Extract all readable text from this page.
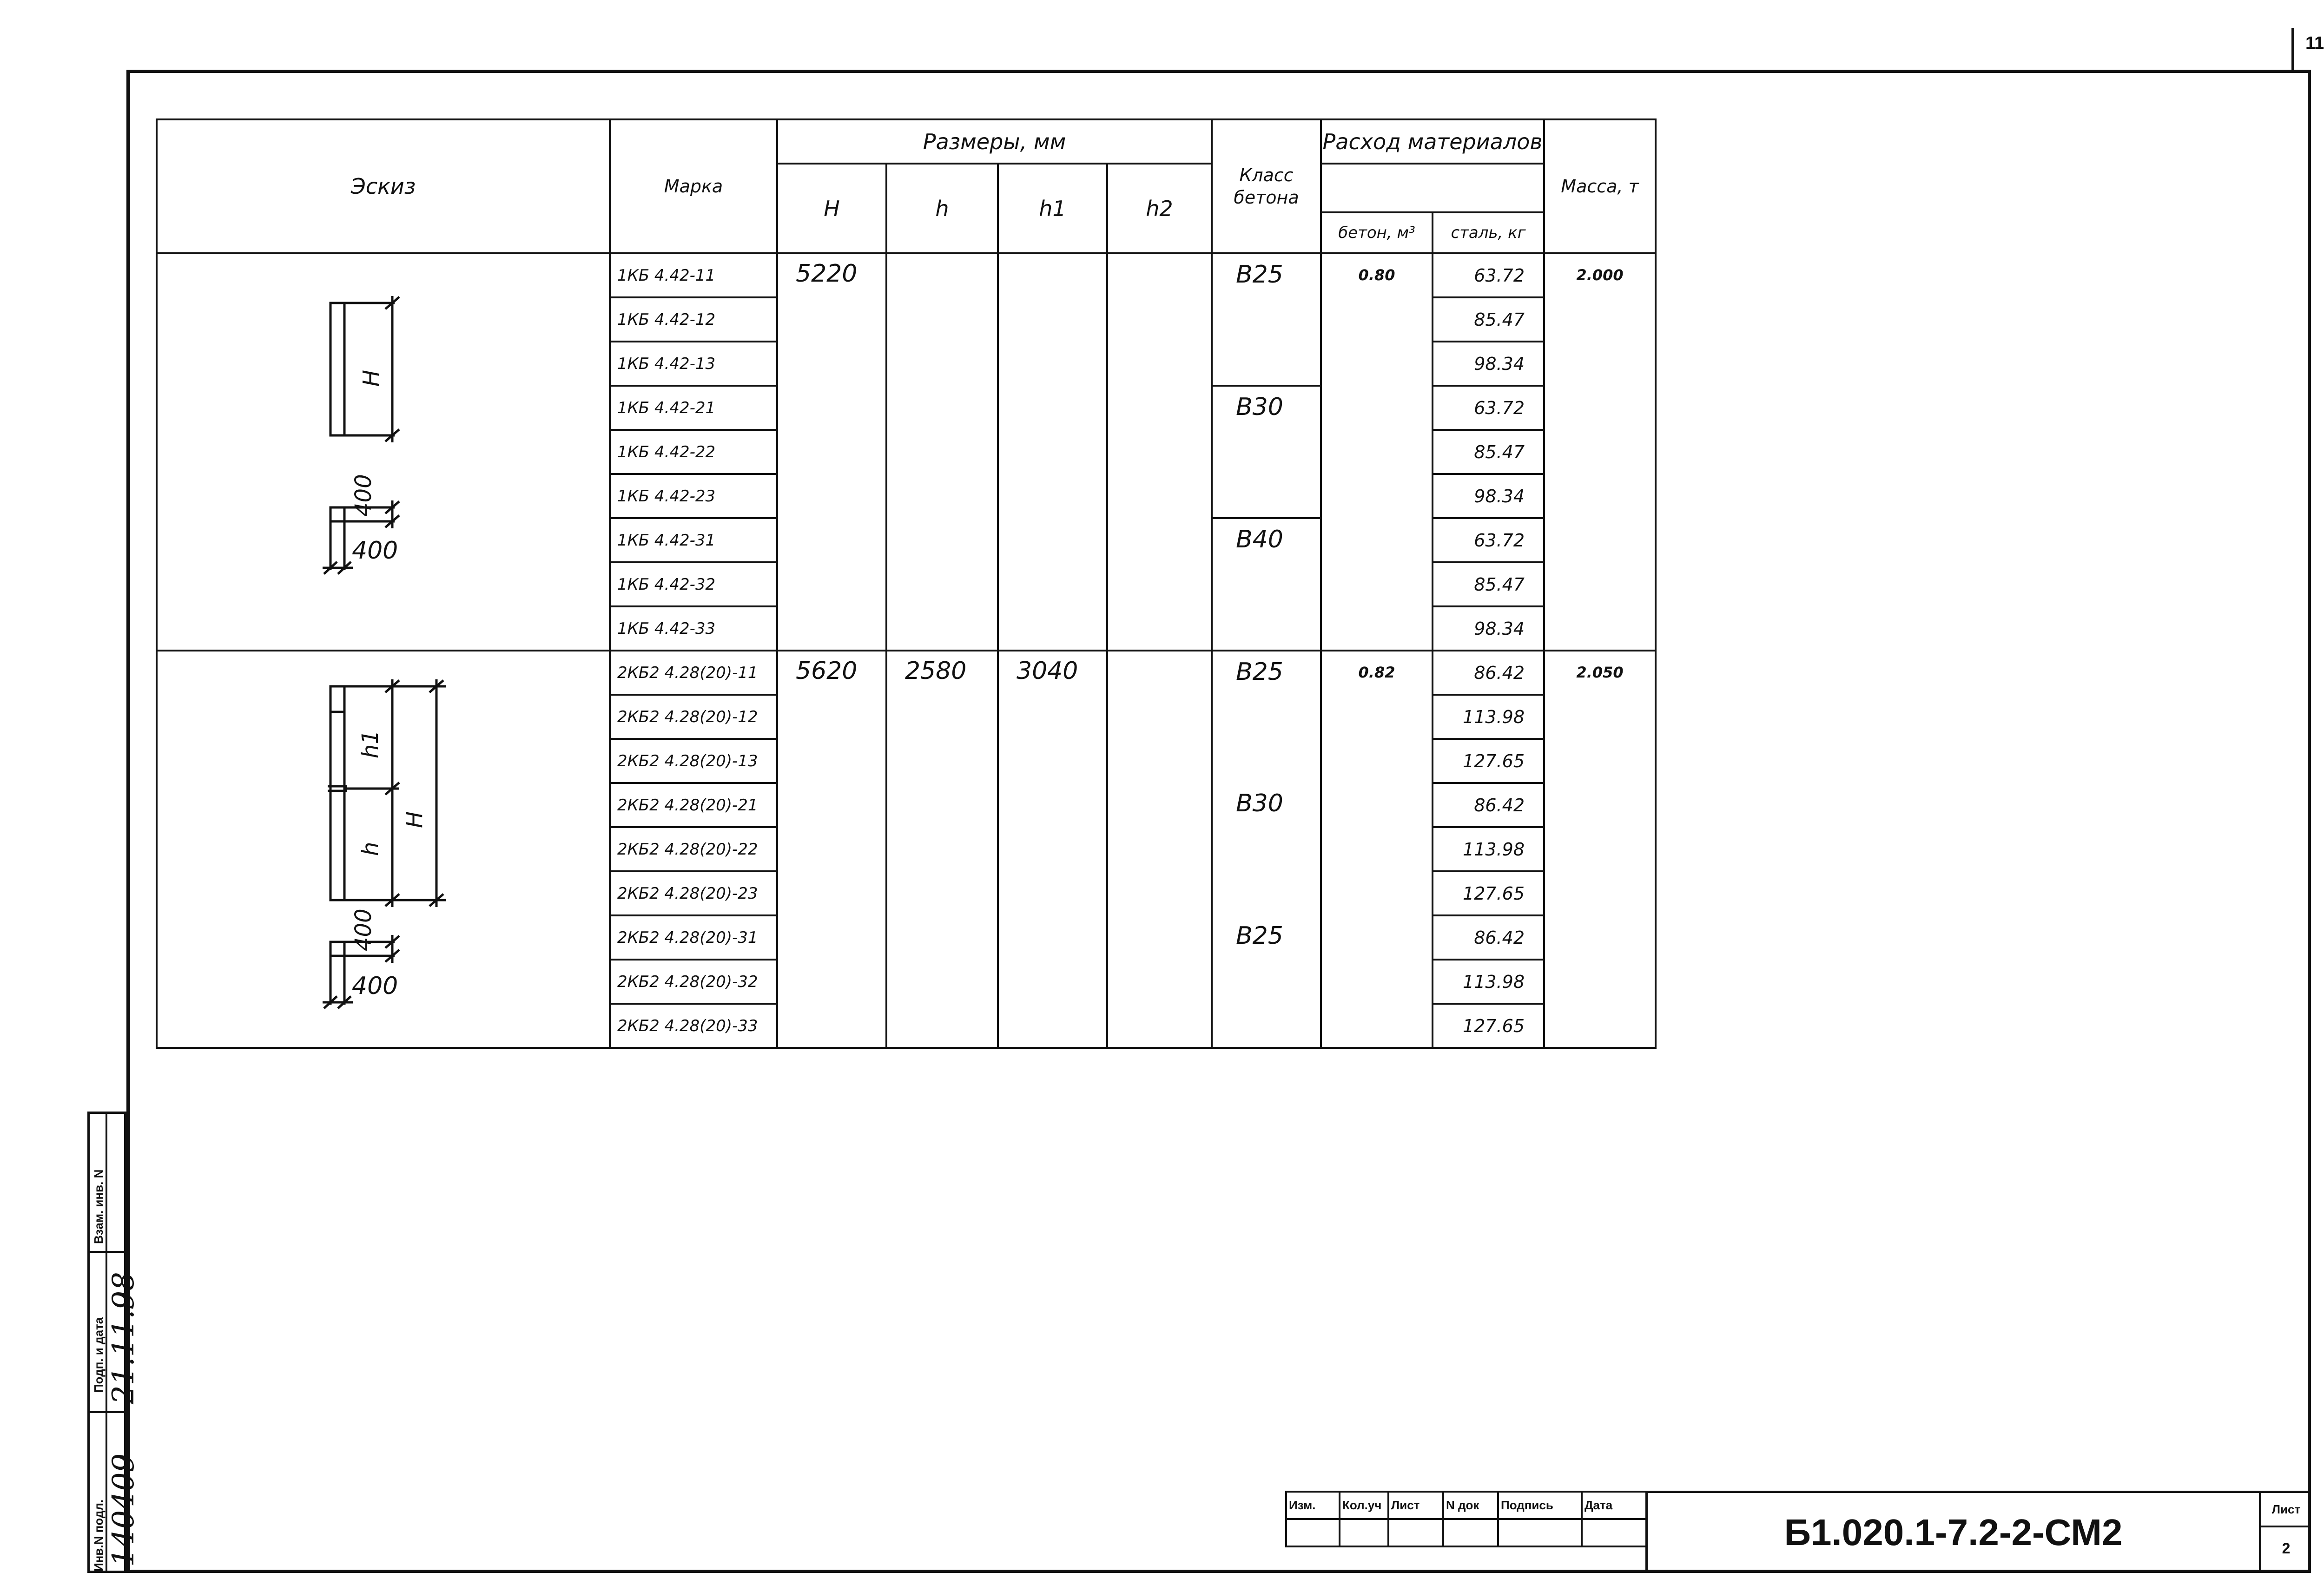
11
Эскиз	Марка	Размеры, мм				Класс бетона	Расход материалов		Масса, т
		H	h	h1	h2				
							бетон, м³	сталь, кг	

H
400
400	1КБ 4.42-11	5220				B25	0.80	63.72	2.000
	1КБ 4.42-12							85.47	
	1КБ 4.42-13							98.34	
	1КБ 4.42-21					B30		63.72	
	1КБ 4.42-22							85.47	
	1КБ 4.42-23							98.34	
	1КБ 4.42-31					B40		63.72	
	1КБ 4.42-32							85.47	
	1КБ 4.42-33							98.34	

h1
h
H
400
400	2КБ2 4.28(20)-11	5620	2580	3040		B25	0.82	86.42	2.050
	2КБ2 4.28(20)-12							113.98	
	2КБ2 4.28(20)-13							127.65	
	2КБ2 4.28(20)-21					B30		86.42	
	2КБ2 4.28(20)-22							113.98	
	2КБ2 4.28(20)-23							127.65	
	2КБ2 4.28(20)-31					B25		86.42	
	2КБ2 4.28(20)-32							113.98	
	2КБ2 4.28(20)-33							127.65	
Взам. инв. N
Подп. и дата
Инв.N подл.
21.11.98
140409	Изм.	Кол.уч	Лист	N док	Подпись	Дата

Б1.020.1-7.2-2-СМ2
Лист
2
